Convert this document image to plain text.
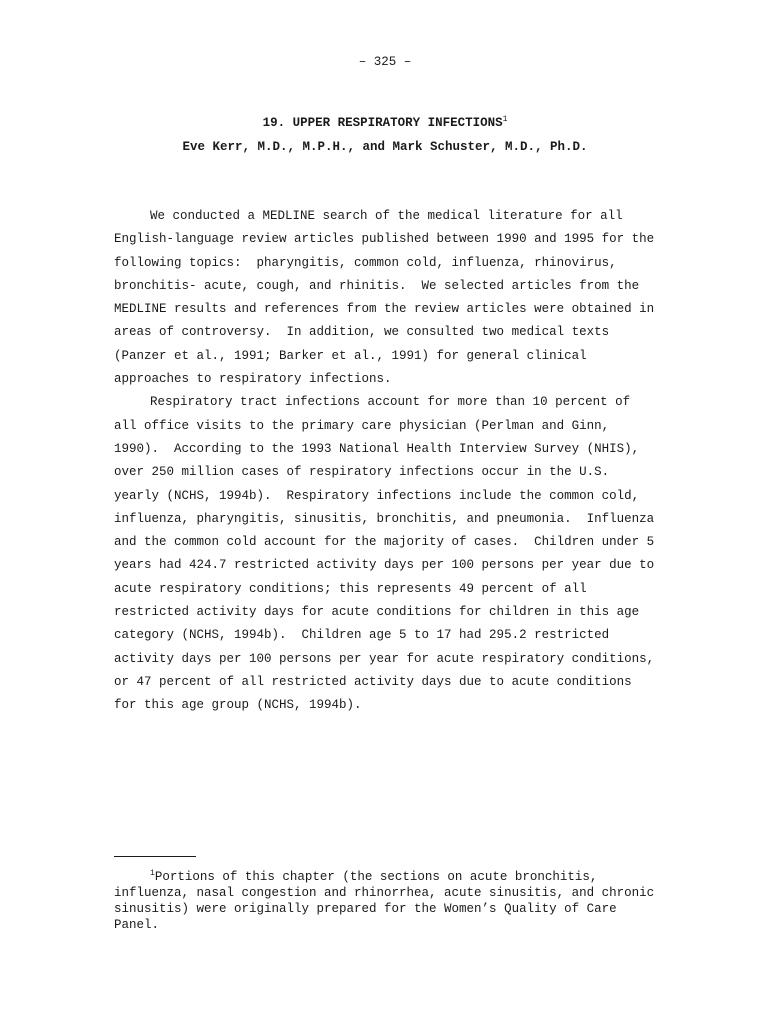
– 325 –
19. UPPER RESPIRATORY INFECTIONS$^1$
Eve Kerr, M.D., M.P.H., and Mark Schuster, M.D., Ph.D.
We conducted a MEDLINE search of the medical literature for all
English-language review articles published between 1990 and 1995 for the
following topics:  pharyngitis, common cold, influenza, rhinovirus,
bronchitis- acute, cough, and rhinitis.  We selected articles from the
MEDLINE results and references from the review articles were obtained in
areas of controversy.  In addition, we consulted two medical texts
(Panzer et al., 1991; Barker et al., 1991) for general clinical
approaches to respiratory infections.
Respiratory tract infections account for more than 10 percent of
all office visits to the primary care physician (Perlman and Ginn,
1990).  According to the 1993 National Health Interview Survey (NHIS),
over 250 million cases of respiratory infections occur in the U.S.
yearly (NCHS, 1994b).  Respiratory infections include the common cold,
influenza, pharyngitis, sinusitis, bronchitis, and pneumonia.  Influenza
and the common cold account for the majority of cases.  Children under 5
years had 424.7 restricted activity days per 100 persons per year due to
acute respiratory conditions; this represents 49 percent of all
restricted activity days for acute conditions for children in this age
category (NCHS, 1994b).  Children age 5 to 17 had 295.2 restricted
activity days per 100 persons per year for acute respiratory conditions,
or 47 percent of all restricted activity days due to acute conditions
for this age group (NCHS, 1994b).
$^1$Portions of this chapter (the sections on acute bronchitis,
influenza, nasal congestion and rhinorrhea, acute sinusitis, and chronic
sinusitis) were originally prepared for the Women’s Quality of Care
Panel.
